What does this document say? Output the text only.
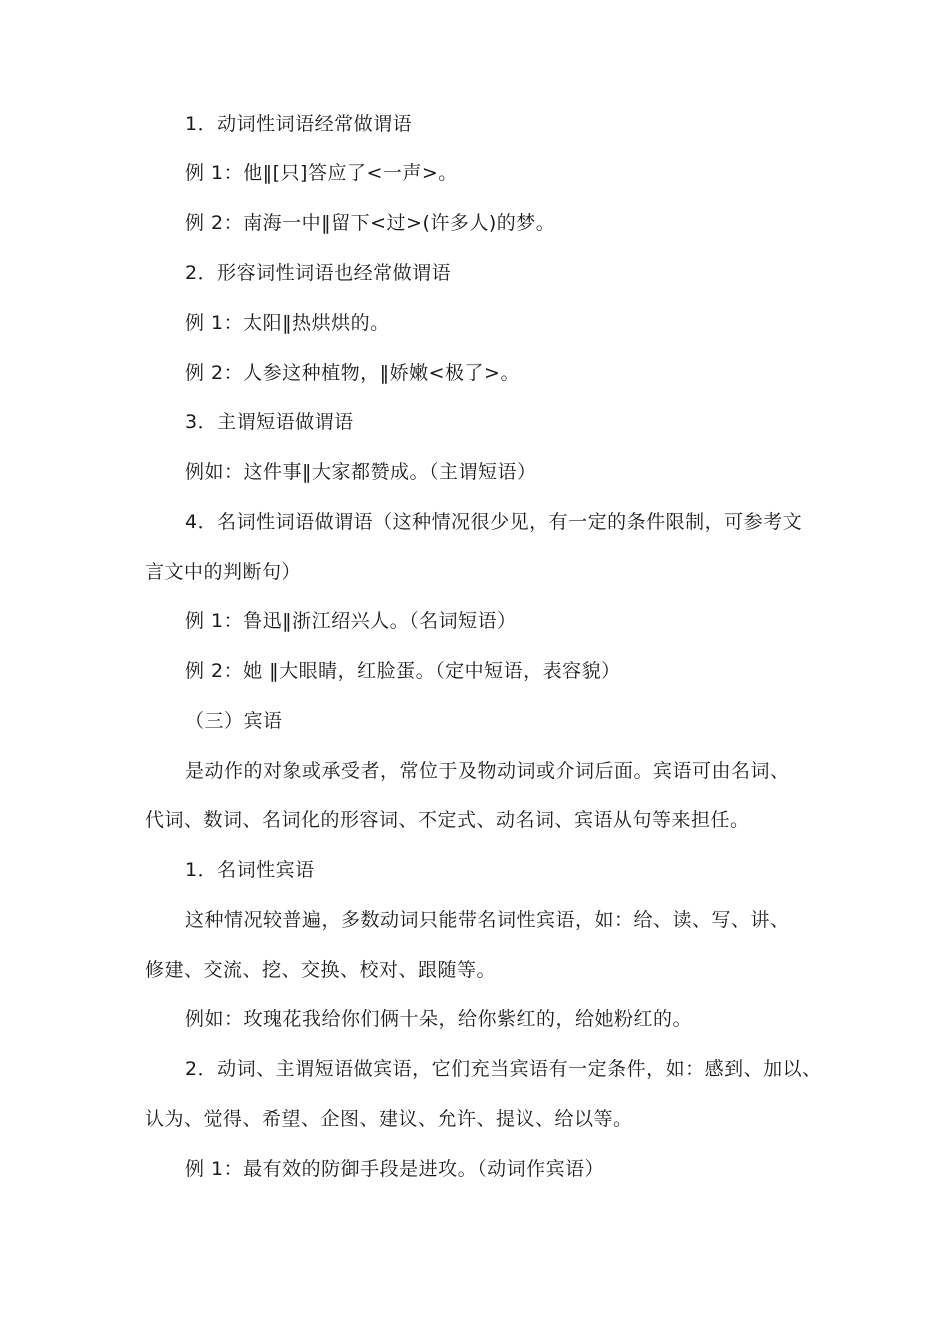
1．动词性词语经常做谓语
例 1：他‖[只]答应了<一声>。
例 2：南海一中‖留下<过>(许多人)的梦。
2．形容词性词语也经常做谓语
例 1：太阳‖热烘烘的。
例 2：人参这种植物，‖娇嫩<极了>。
3．主谓短语做谓语
例如：这件事‖大家都赞成。（主谓短语）
4．名词性词语做谓语（这种情况很少见，有一定的条件限制，可参考文
言文中的判断句）
例 1：鲁迅‖浙江绍兴人。（名词短语）
例 2：她 ‖大眼睛，红脸蛋。（定中短语，表容貌）
（三）宾语
是动作的对象或承受者，常位于及物动词或介词后面。宾语可由名词、
代词、数词、名词化的形容词、不定式、动名词、宾语从句等来担任。
1．名词性宾语
这种情况较普遍，多数动词只能带名词性宾语，如：给、读、写、讲、
修建、交流、挖、交换、校对、跟随等。
例如：玫瑰花我给你们俩十朵，给你紫红的，给她粉红的。
2．动词、主谓短语做宾语，它们充当宾语有一定条件，如：感到、加以、
认为、觉得、希望、企图、建议、允许、提议、给以等。
例 1：最有效的防御手段是进攻。（动词作宾语）
